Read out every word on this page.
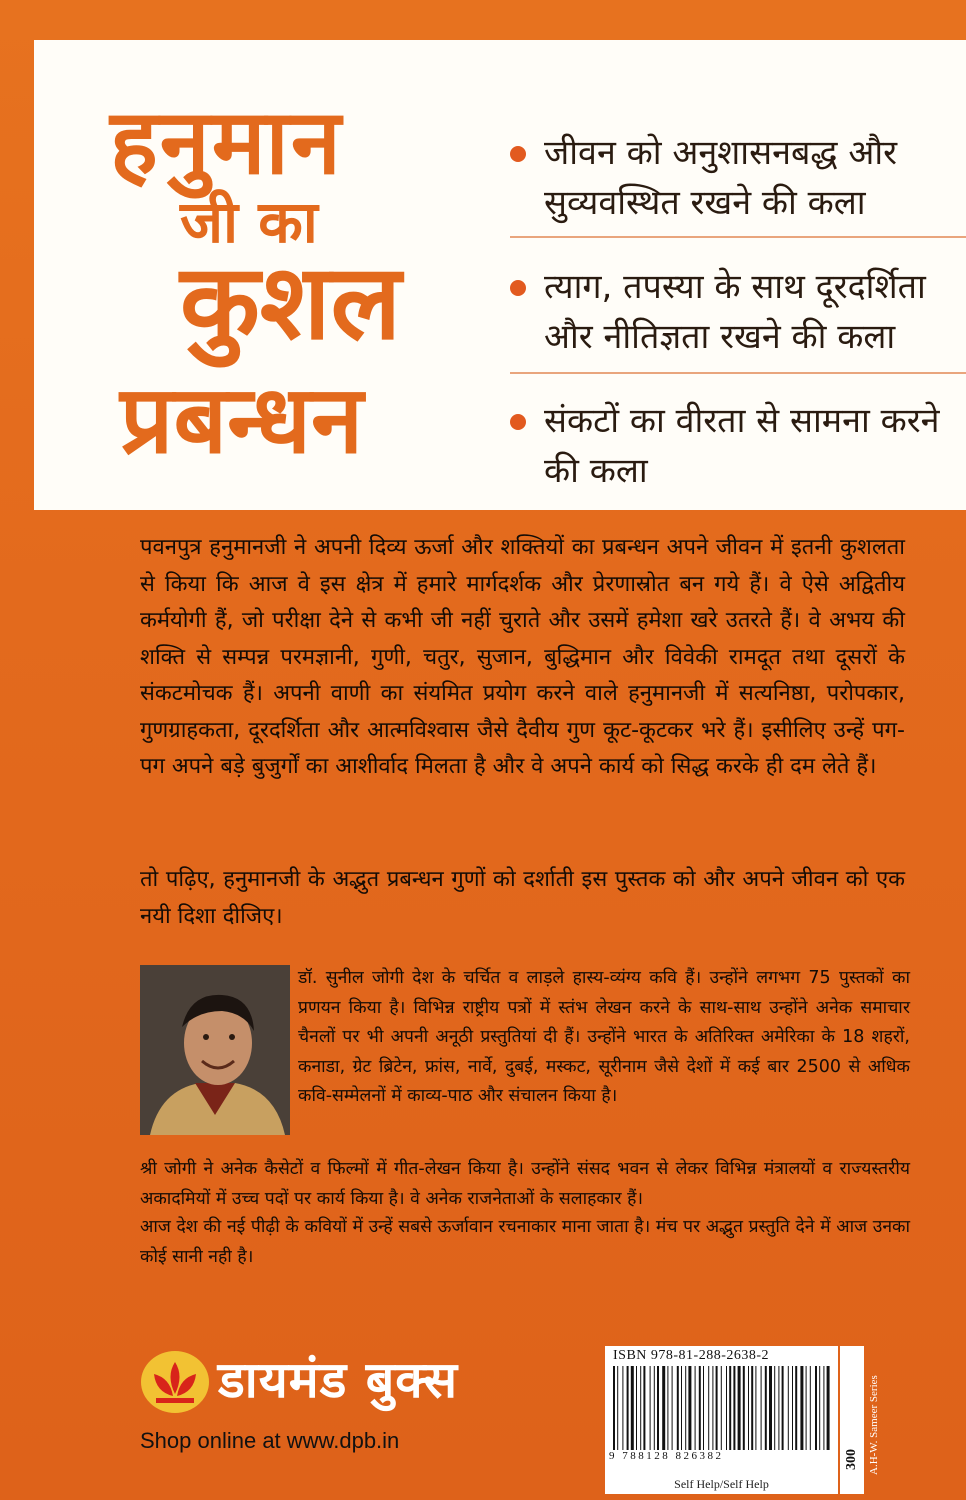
हनुमान
जी का
कुशल
प्रबन्धन
जीवन को अनुशासनबद्ध और सुव्यवस्थित रखने की कला
त्याग, तपस्या के साथ दूरदर्शिता और नीतिज्ञता रखने की कला
संकटों का वीरता से सामना करने की कला
पवनपुत्र हनुमानजी ने अपनी दिव्य ऊर्जा और शक्तियों का प्रबन्धन अपने जीवन में इतनी कुशलता से किया कि आज वे इस क्षेत्र में हमारे मार्गदर्शक और प्रेरणास्रोत बन गये हैं। वे ऐसे अद्वितीय कर्मयोगी हैं, जो परीक्षा देने से कभी जी नहीं चुराते और उसमें हमेशा खरे उतरते हैं। वे अभय की शक्ति से सम्पन्न परमज्ञानी, गुणी, चतुर, सुजान, बुद्धिमान और विवेकी रामदूत तथा दूसरों के संकटमोचक हैं। अपनी वाणी का संयमित प्रयोग करने वाले हनुमानजी में सत्यनिष्ठा, परोपकार, गुणग्राहकता, दूरदर्शिता और आत्मविश्वास जैसे दैवीय गुण कूट-कूटकर भरे हैं। इसीलिए उन्हें पग-पग अपने बड़े बुजुर्गों का आशीर्वाद मिलता है और वे अपने कार्य को सिद्ध करके ही दम लेते हैं।
तो पढ़िए, हनुमानजी के अद्भुत प्रबन्धन गुणों को दर्शाती इस पुस्तक को और अपने जीवन को एक नयी दिशा दीजिए।
डॉ. सुनील जोगी देश के चर्चित व लाड़ले हास्य-व्यंग्य कवि हैं। उन्होंने लगभग 75 पुस्तकों का प्रणयन किया है। विभिन्न राष्ट्रीय पत्रों में स्तंभ लेखन करने के साथ-साथ उन्होंने अनेक समाचार चैनलों पर भी अपनी अनूठी प्रस्तुतियां दी हैं। उन्होंने भारत के अतिरिक्त अमेरिका के 18 शहरों, कनाडा, ग्रेट ब्रिटेन, फ्रांस, नार्वे, दुबई, मस्कट, सूरीनाम जैसे देशों में कई बार 2500 से अधिक कवि-सम्मेलनों में काव्य-पाठ और संचालन किया है।
श्री जोगी ने अनेक कैसेटों व फिल्मों में गीत-लेखन किया है। उन्होंने संसद भवन से लेकर विभिन्न मंत्रालयों व राज्यस्तरीय अकादमियों में उच्च पदों पर कार्य किया है। वे अनेक राजनेताओं के सलाहकार हैं।
आज देश की नई पीढ़ी के कवियों में उन्हें सबसे ऊर्जावान रचनाकार माना जाता है। मंच पर अद्भुत प्रस्तुति देने में आज उनका कोई सानी नही है।
डायमंड बुक्स
Shop online at www.dpb.in
ISBN 978-81-288-2638-2
9 788128 826382
Self Help/Self Help
300 A.H-W. Sameer Series
